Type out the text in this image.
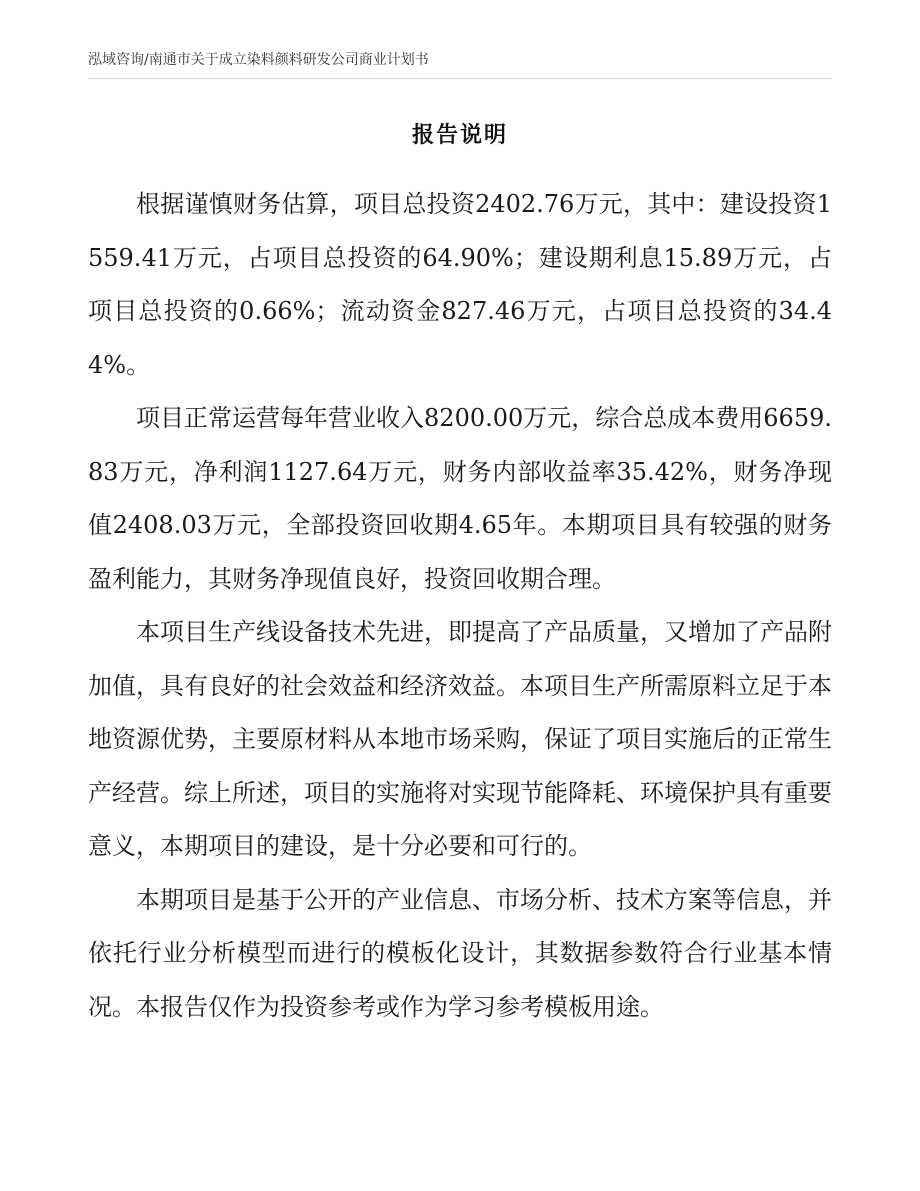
泓域咨询/南通市关于成立染料颜料研发公司商业计划书
报告说明

根据谨慎财务估算，项目总投资2402.76万元，其中：建设投资1559.41万元，占项目总投资的64.90%；建设期利息15.89万元，占项目总投资的0.66%；流动资金827.46万元，占项目总投资的34.44%。

项目正常运营每年营业收入8200.00万元，综合总成本费用6659.83万元，净利润1127.64万元，财务内部收益率35.42%，财务净现值2408.03万元，全部投资回收期4.65年。本期项目具有较强的财务盈利能力，其财务净现值良好，投资回收期合理。

本项目生产线设备技术先进，即提高了产品质量，又增加了产品附加值，具有良好的社会效益和经济效益。本项目生产所需原料立足于本地资源优势，主要原材料从本地市场采购，保证了项目实施后的正常生产经营。综上所述，项目的实施将对实现节能降耗、环境保护具有重要意义，本期项目的建设，是十分必要和可行的。

本期项目是基于公开的产业信息、市场分析、技术方案等信息，并依托行业分析模型而进行的模板化设计，其数据参数符合行业基本情况。本报告仅作为投资参考或作为学习参考模板用途。
